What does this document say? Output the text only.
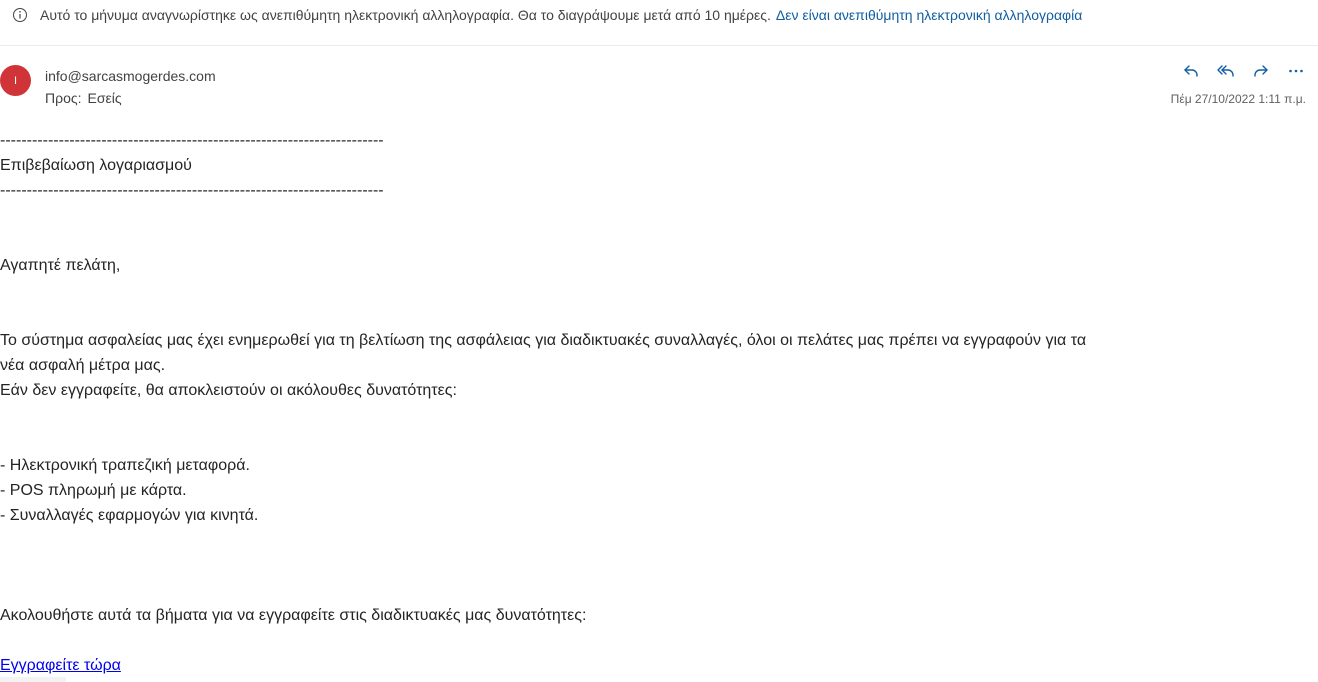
Αυτό το μήνυμα αναγνωρίστηκε ως ανεπιθύμητη ηλεκτρονική αλληλογραφία. Θα το διαγράψουμε μετά από 10 ημέρες. Δεν είναι ανεπιθύμητη ηλεκτρονική αλληλογραφία
I info@sarcasmogerdes.com
Προς: Εσείς	Πέμ 27/10/2022 1:11 π.μ.

------------------------------------------------------------------------

Επιβεβαίωση λογαριασμού

------------------------------------------------------------------------

Αγαπητέ πελάτη,

Το σύστημα ασφαλείας μας έχει ενημερωθεί για τη βελτίωση της ασφάλειας για διαδικτυακές συναλλαγές, όλοι οι πελάτες μας πρέπει να εγγραφούν για τα

νέα ασφαλή μέτρα μας.

Εάν δεν εγγραφείτε, θα αποκλειστούν οι ακόλουθες δυνατότητες:

- Ηλεκτρονική τραπεζική μεταφορά.

- POS πληρωμή με κάρτα.

- Συναλλαγές εφαρμογών για κινητά.

Ακολουθήστε αυτά τα βήματα για να εγγραφείτε στις διαδικτυακές μας δυνατότητες:

Εγγραφείτε τώρα
